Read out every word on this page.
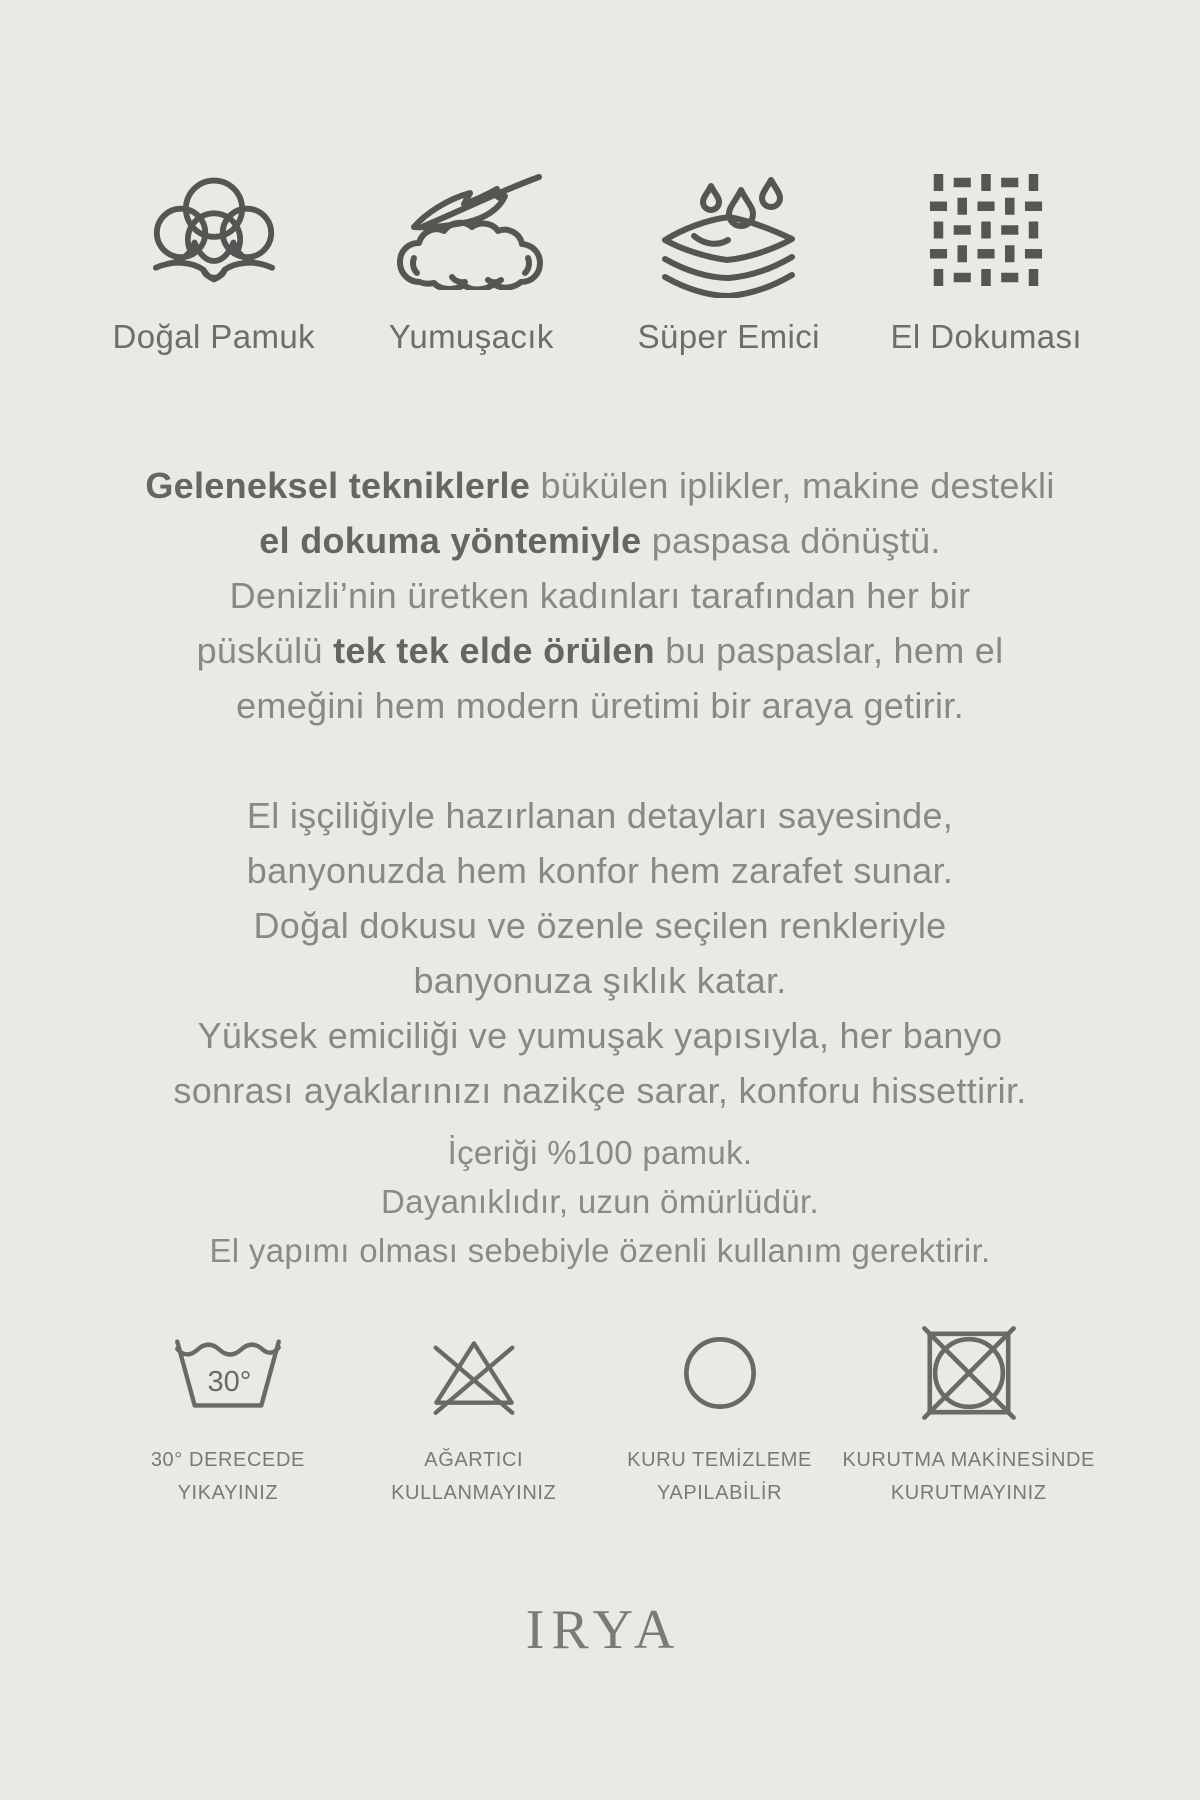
Doğal Pamuk Yumuşacık	Süper Emici El Dokuması
Geleneksel tekniklerle bükülen iplikler, makine destekli
el dokuma yöntemiyle paspasa dönüştü.
Denizli’nin üretken kadınları tarafından her bir
püskülü tek tek elde örülen bu paspaslar, hem el
emeğini hem modern üretimi bir araya getirir.
El işçiliğiyle hazırlanan detayları sayesinde,
banyonuzda hem konfor hem zarafet sunar.
Doğal dokusu ve özenle seçilen renkleriyle
banyonuza şıklık katar.
Yüksek emiciliği ve yumuşak yapısıyla, her banyo
sonrası ayaklarınızı nazikçe sarar, konforu hissettirir.
İçeriği %100 pamuk.
Dayanıklıdır, uzun ömürlüdür.
El yapımı olması sebebiyle özenli kullanım gerektirir.
30°
30° DERECEDE
YIKAYINIZ
AĞARTICI
KULLANMAYINIZ
KURU TEMİZLEME
YAPILABİLİR
KURUTMA MAKİNESİNDE
KURUTMAYINIZ
IRYA
